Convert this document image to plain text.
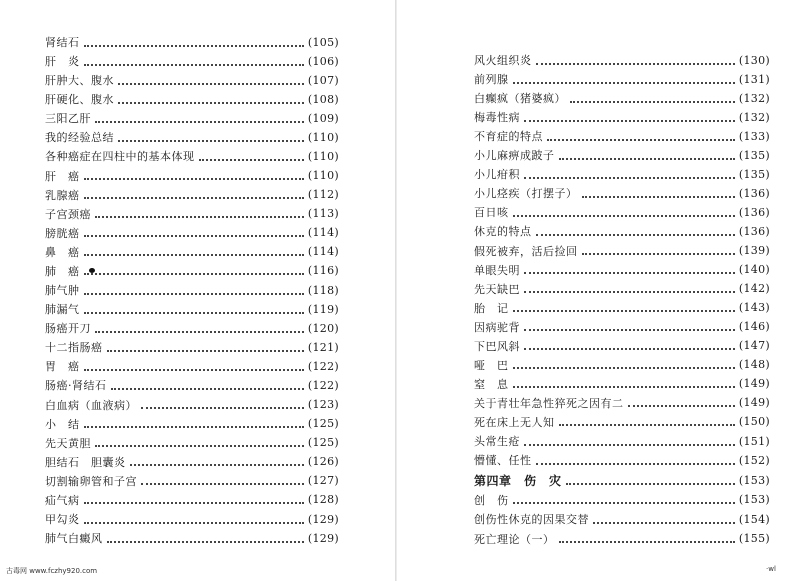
肾结石	(105)
肝　炎	(106)
肝肿大、腹水	(107)
肝硬化、腹水	(108)
三阳乙肝	(109)
我的经验总结	(110)
各种癌症在四柱中的基本体现	(110)
肝　癌	(110)
乳腺癌	(112)
子宫颈癌	(113)
膀胱癌	(114)
鼻　癌	(114)
肺　癌	(116)
肺气肿	(118)
肺漏气	(119)
肠癌开刀	(120)
十二指肠癌	(121)
胃　癌	(122)
肠癌·肾结石	(122)
白血病（血液病）	(123)
小　结	(125)
先天黄胆	(125)
胆结石　胆囊炎	(126)
切割输卵管和子宫	(127)
疝气病	(128)
甲勾炎	(129)
肺气白癜风	(129)
风火组织炎	(130)
前列腺	(131)
白癫疯（猪婆疯）	(132)
梅毒性病	(132)
不育症的特点	(133)
小儿麻痹成跛子	(135)
小儿疳积	(135)
小儿痉疾（打摆子）	(136)
百日咳	(136)
休克的特点	(136)
假死被弃，活后捡回	(139)
单眼失明	(140)
先天缺巴	(142)
胎　记	(143)
因病驼背	(146)
下巴风斜	(147)
哑　巴	(148)
窒　息	(149)
关于青壮年急性猝死之因有二	(149)
死在床上无人知	(150)
头常生疮	(151)
懵懂、任性	(152)
第四章　伤　灾	(153)
创　伤	(153)
创伤性休克的因果交替	(154)
死亡理论（一）	(155)
古毒网 www.fczhy920.com	·wl
